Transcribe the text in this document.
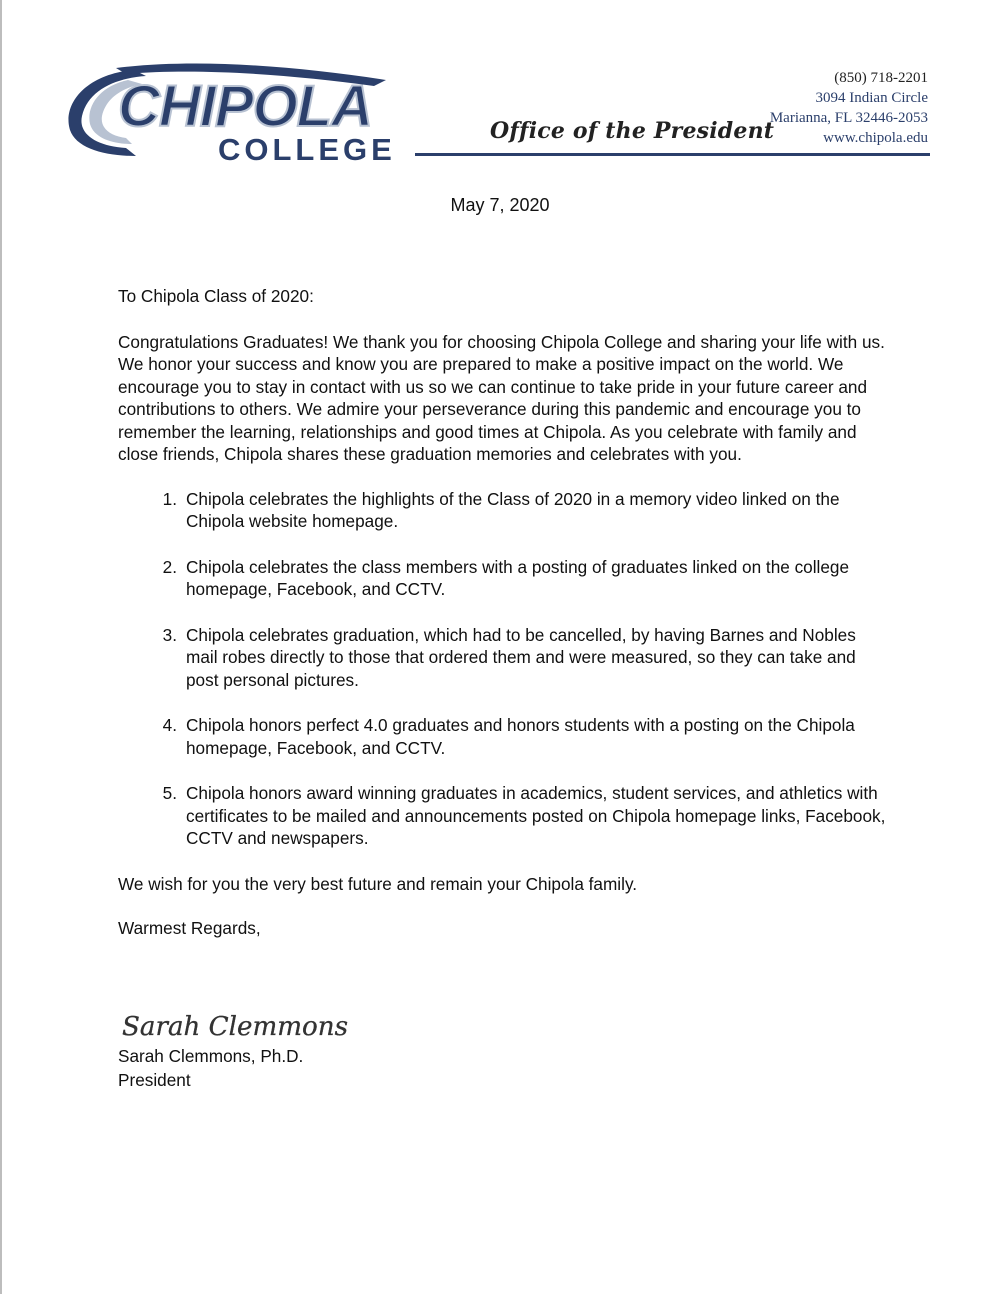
CHIPOLA
COLLEGE
Office of the President
(850) 718-2201
3094 Indian Circle
Marianna, FL 32446-2053
www.chipola.edu
May 7, 2020

To Chipola Class of 2020:

Congratulations Graduates! We thank you for choosing Chipola College and sharing your life with us. We honor your success and know you are prepared to make a positive impact on the world. We encourage you to stay in contact with us so we can continue to take pride in your future career and contributions to others. We admire your perseverance during this pandemic and encourage you to remember the learning, relationships and good times at Chipola. As you celebrate with family and close friends, Chipola shares these graduation memories and celebrates with you.

1. Chipola celebrates the highlights of the Class of 2020 in a memory video linked on the Chipola website homepage.
2. Chipola celebrates the class members with a posting of graduates linked on the college homepage, Facebook, and CCTV.
3. Chipola celebrates graduation, which had to be cancelled, by having Barnes and Nobles mail robes directly to those that ordered them and were measured, so they can take and post personal pictures.
4. Chipola honors perfect 4.0 graduates and honors students with a posting on the Chipola homepage, Facebook, and CCTV.
5. Chipola honors award winning graduates in academics, student services, and athletics with certificates to be mailed and announcements posted on Chipola homepage links, Facebook, CCTV and newspapers.

We wish for you the very best future and remain your Chipola family.

Warmest Regards,

Sarah Clemmons
Sarah Clemmons, Ph.D.
President
